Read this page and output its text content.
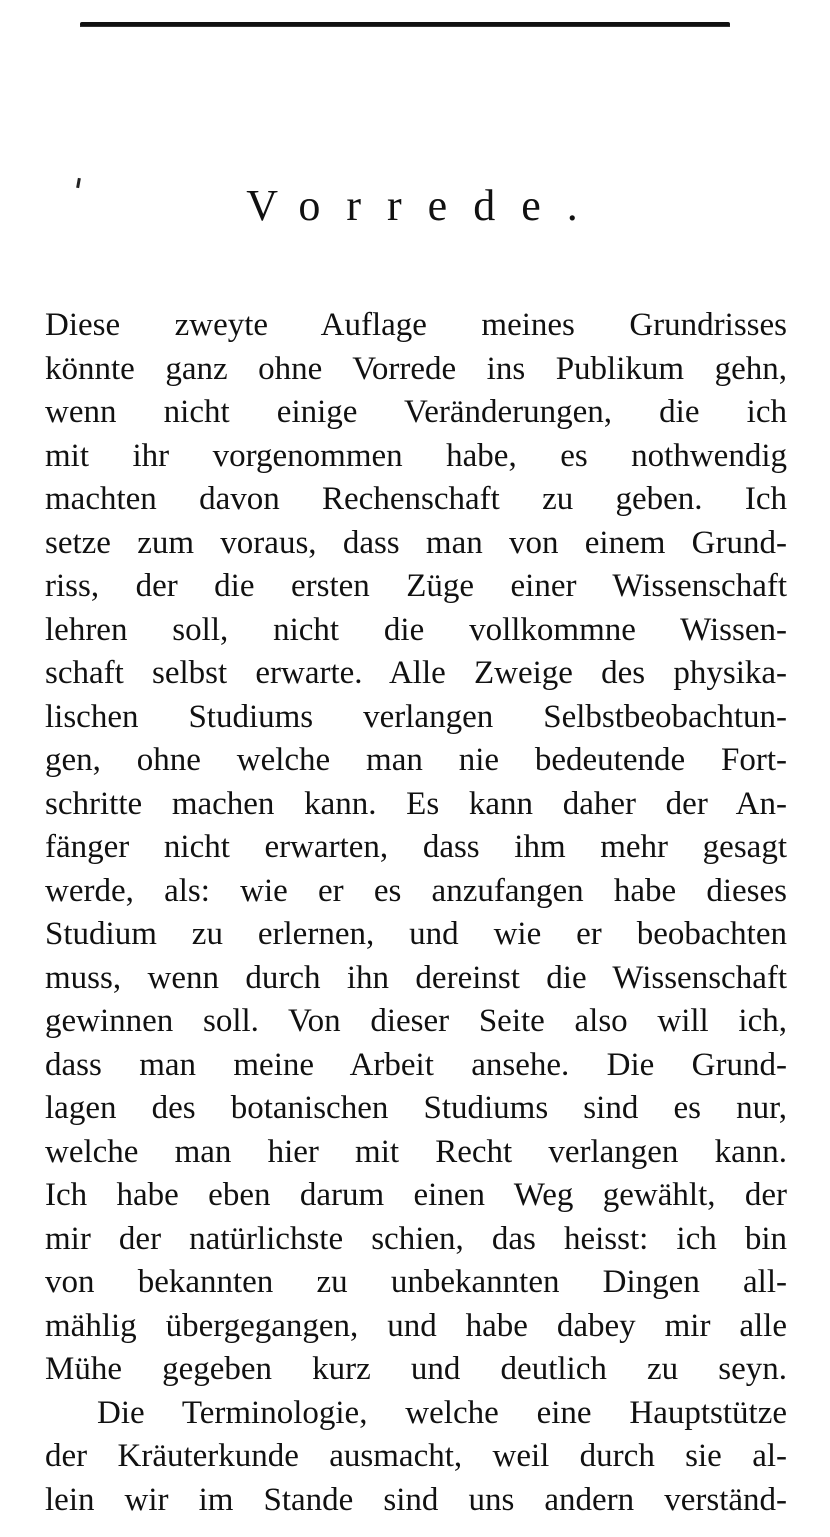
Vorrede.
Diese zweyte Auflage meines Grundrisses
könnte ganz ohne Vorrede ins Publikum gehn,
wenn nicht einige Veränderungen, die ich
mit ihr vorgenommen habe, es nothwendig
machten davon Rechenschaft zu geben. Ich
setze zum voraus, dass man von einem Grund-
riss, der die ersten Züge einer Wissenschaft
lehren soll, nicht die vollkommne Wissen-
schaft selbst erwarte. Alle Zweige des physika-
lischen Studiums verlangen Selbstbeobachtun-
gen, ohne welche man nie bedeutende Fort-
schritte machen kann. Es kann daher der An-
fänger nicht erwarten, dass ihm mehr gesagt
werde, als: wie er es anzufangen habe dieses
Studium zu erlernen, und wie er beobachten
muss, wenn durch ihn dereinst die Wissenschaft
gewinnen soll. Von dieser Seite also will ich,
dass man meine Arbeit ansehe. Die Grund-
lagen des botanischen Studiums sind es nur,
welche man hier mit Recht verlangen kann.
Ich habe eben darum einen Weg gewählt, der
mir der natürlichste schien, das heisst: ich bin
von bekannten zu unbekannten Dingen all-
mählig übergegangen, und habe dabey mir alle
Mühe gegeben kurz und deutlich zu seyn.
Die Terminologie, welche eine Hauptstütze
der Kräuterkunde ausmacht, weil durch sie al-
lein wir im Stande sind uns andern verständ-
